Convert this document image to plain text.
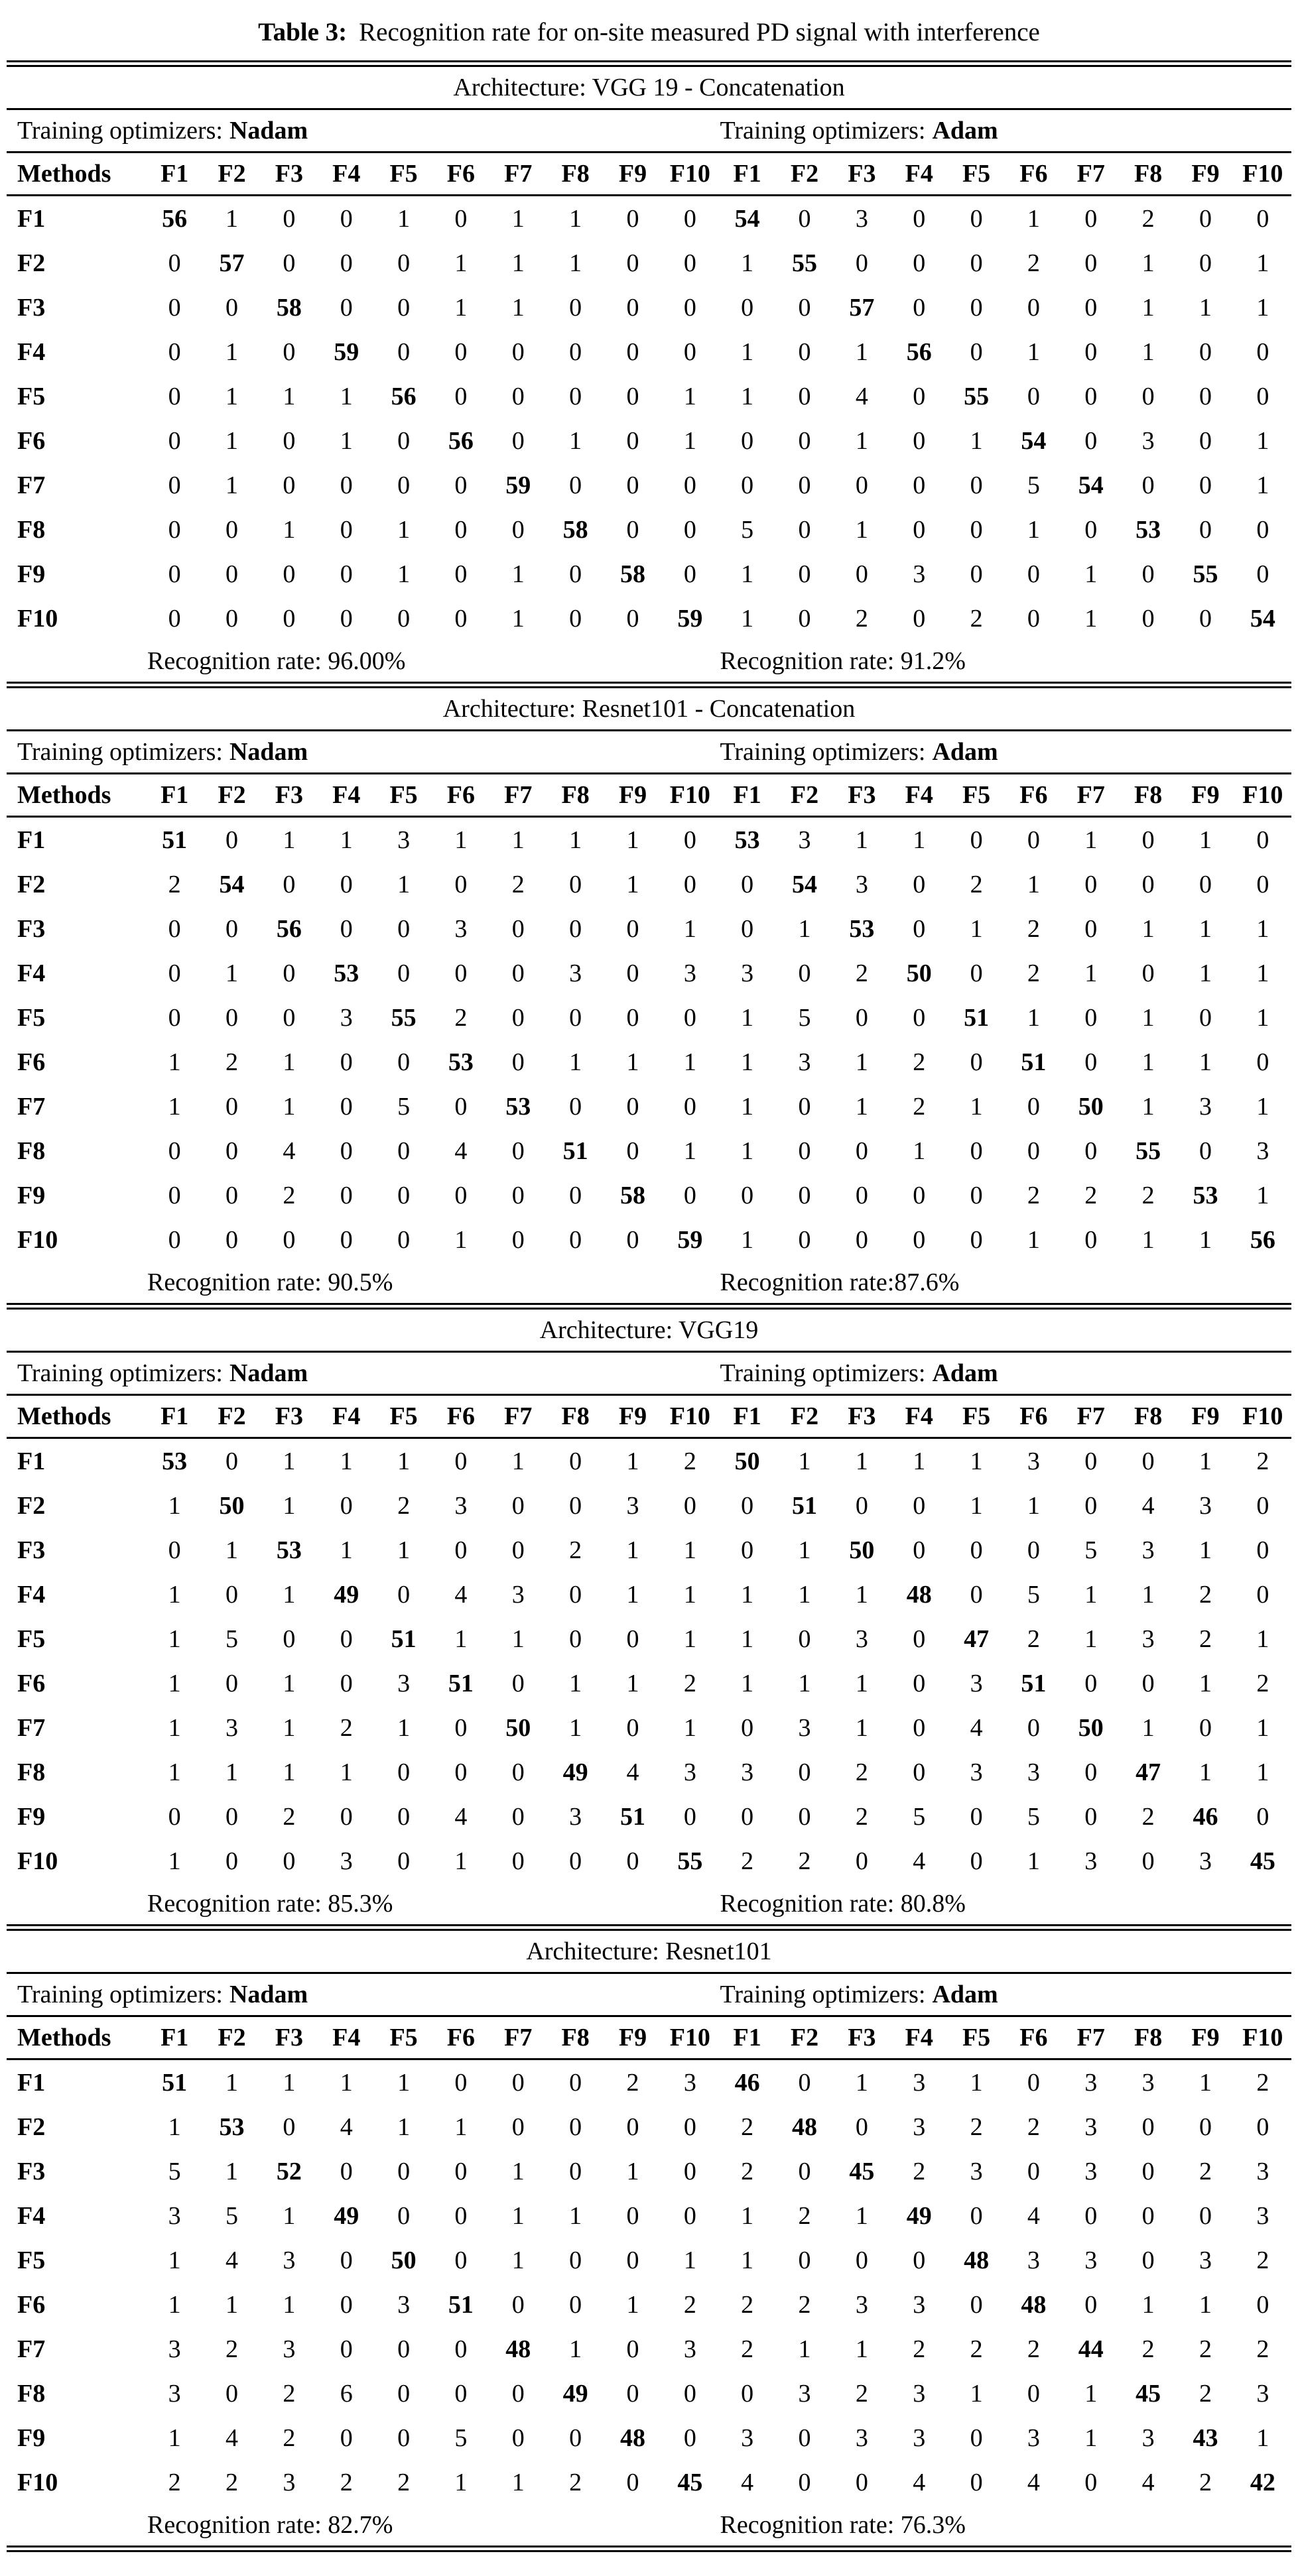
Table 3: Recognition rate for on-site measured PD signal with interference
Architecture: VGG 19 - Concatenation
Training optimizers: Nadam	Training optimizers: Adam
Methods	F1	F2	F3	F4	F5	F6	F7	F8	F9 F10 F1	F2	F3	F4	F5	F6	F7	F8	F9 F10
F1	56	1	0	0	1	0	1	1	0	0	54	0	3	0	0	1	0	2	0	0
F2	0	57	0	0	0	1	1	1	0	0	1	55	0	0	0	2	0	1	0	1
F3	0	0	58	0	0	1	1	0	0	0	0	0	57	0	0	0	0	1	1	1
F4	0	1	0	59	0	0	0	0	0	0	1	0	1	56	0	1	0	1	0	0
F5	0	1	1	1	56	0	0	0	0	1	1	0	4	0	55	0	0	0	0	0
F6	0	1	0	1	0	56	0	1	0	1	0	0	1	0	1	54	0	3	0	1
F7	0	1	0	0	0	0	59	0	0	0	0	0	0	0	0	5	54	0	0	1
F8	0	0	1	0	1	0	0	58	0	0	5	0	1	0	0	1	0	53	0	0
F9	0	0	0	0	1	0	1	0	58	0	1	0	0	3	0	0	1	0	55	0
F10	0	0	0	0	0	0	1	0	0	59	1	0	2	0	2	0	1	0	0	54
Recognition rate: 96.00%	Recognition rate: 91.2%
Architecture: Resnet101 - Concatenation
Training optimizers: Nadam	Training optimizers: Adam
Methods	F1	F2	F3	F4	F5	F6	F7	F8	F9 F10 F1	F2	F3	F4	F5	F6	F7	F8	F9 F10
F1	51	0	1	1	3	1	1	1	1	0	53	3	1	1	0	0	1	0	1	0
F2	2	54	0	0	1	0	2	0	1	0	0	54	3	0	2	1	0	0	0	0
F3	0	0	56	0	0	3	0	0	0	1	0	1	53	0	1	2	0	1	1	1
F4	0	1	0	53	0	0	0	3	0	3	3	0	2	50	0	2	1	0	1	1
F5	0	0	0	3	55	2	0	0	0	0	1	5	0	0	51	1	0	1	0	1
F6	1	2	1	0	0	53	0	1	1	1	1	3	1	2	0	51	0	1	1	0
F7	1	0	1	0	5	0	53	0	0	0	1	0	1	2	1	0	50	1	3	1
F8	0	0	4	0	0	4	0	51	0	1	1	0	0	1	0	0	0	55	0	3
F9	0	0	2	0	0	0	0	0	58	0	0	0	0	0	0	2	2	2	53	1
F10	0	0	0	0	0	1	0	0	0	59	1	0	0	0	0	1	0	1	1	56
Recognition rate: 90.5%	Recognition rate:87.6%
Architecture: VGG19
Training optimizers: Nadam	Training optimizers: Adam
Methods	F1	F2	F3	F4	F5	F6	F7	F8	F9 F10 F1	F2	F3	F4	F5	F6	F7	F8	F9 F10
F1	53	0	1	1	1	0	1	0	1	2	50	1	1	1	1	3	0	0	1	2
F2	1	50	1	0	2	3	0	0	3	0	0	51	0	0	1	1	0	4	3	0
F3	0	1	53	1	1	0	0	2	1	1	0	1	50	0	0	0	5	3	1	0
F4	1	0	1	49	0	4	3	0	1	1	1	1	1	48	0	5	1	1	2	0
F5	1	5	0	0	51	1	1	0	0	1	1	0	3	0	47	2	1	3	2	1
F6	1	0	1	0	3	51	0	1	1	2	1	1	1	0	3	51	0	0	1	2
F7	1	3	1	2	1	0	50	1	0	1	0	3	1	0	4	0	50	1	0	1
F8	1	1	1	1	0	0	0	49	4	3	3	0	2	0	3	3	0	47	1	1
F9	0	0	2	0	0	4	0	3	51	0	0	0	2	5	0	5	0	2	46	0
F10	1	0	0	3	0	1	0	0	0	55	2	2	0	4	0	1	3	0	3	45
Recognition rate: 85.3%	Recognition rate: 80.8%
Architecture: Resnet101
Training optimizers: Nadam	Training optimizers: Adam
Methods	F1	F2	F3	F4	F5	F6	F7	F8	F9 F10 F1	F2	F3	F4	F5	F6	F7	F8	F9 F10
F1	51	1	1	1	1	0	0	0	2	3	46	0	1	3	1	0	3	3	1	2
F2	1	53	0	4	1	1	0	0	0	0	2	48	0	3	2	2	3	0	0	0
F3	5	1	52	0	0	0	1	0	1	0	2	0	45	2	3	0	3	0	2	3
F4	3	5	1	49	0	0	1	1	0	0	1	2	1	49	0	4	0	0	0	3
F5	1	4	3	0	50	0	1	0	0	1	1	0	0	0	48	3	3	0	3	2
F6	1	1	1	0	3	51	0	0	1	2	2	2	3	3	0	48	0	1	1	0
F7	3	2	3	0	0	0	48	1	0	3	2	1	1	2	2	2	44	2	2	2
F8	3	0	2	6	0	0	0	49	0	0	0	3	2	3	1	0	1	45	2	3
F9	1	4	2	0	0	5	0	0	48	0	3	0	3	3	0	3	1	3	43	1
F10	2	2	3	2	2	1	1	2	0	45	4	0	0	4	0	4	0	4	2	42
Recognition rate: 82.7%	Recognition rate: 76.3%
